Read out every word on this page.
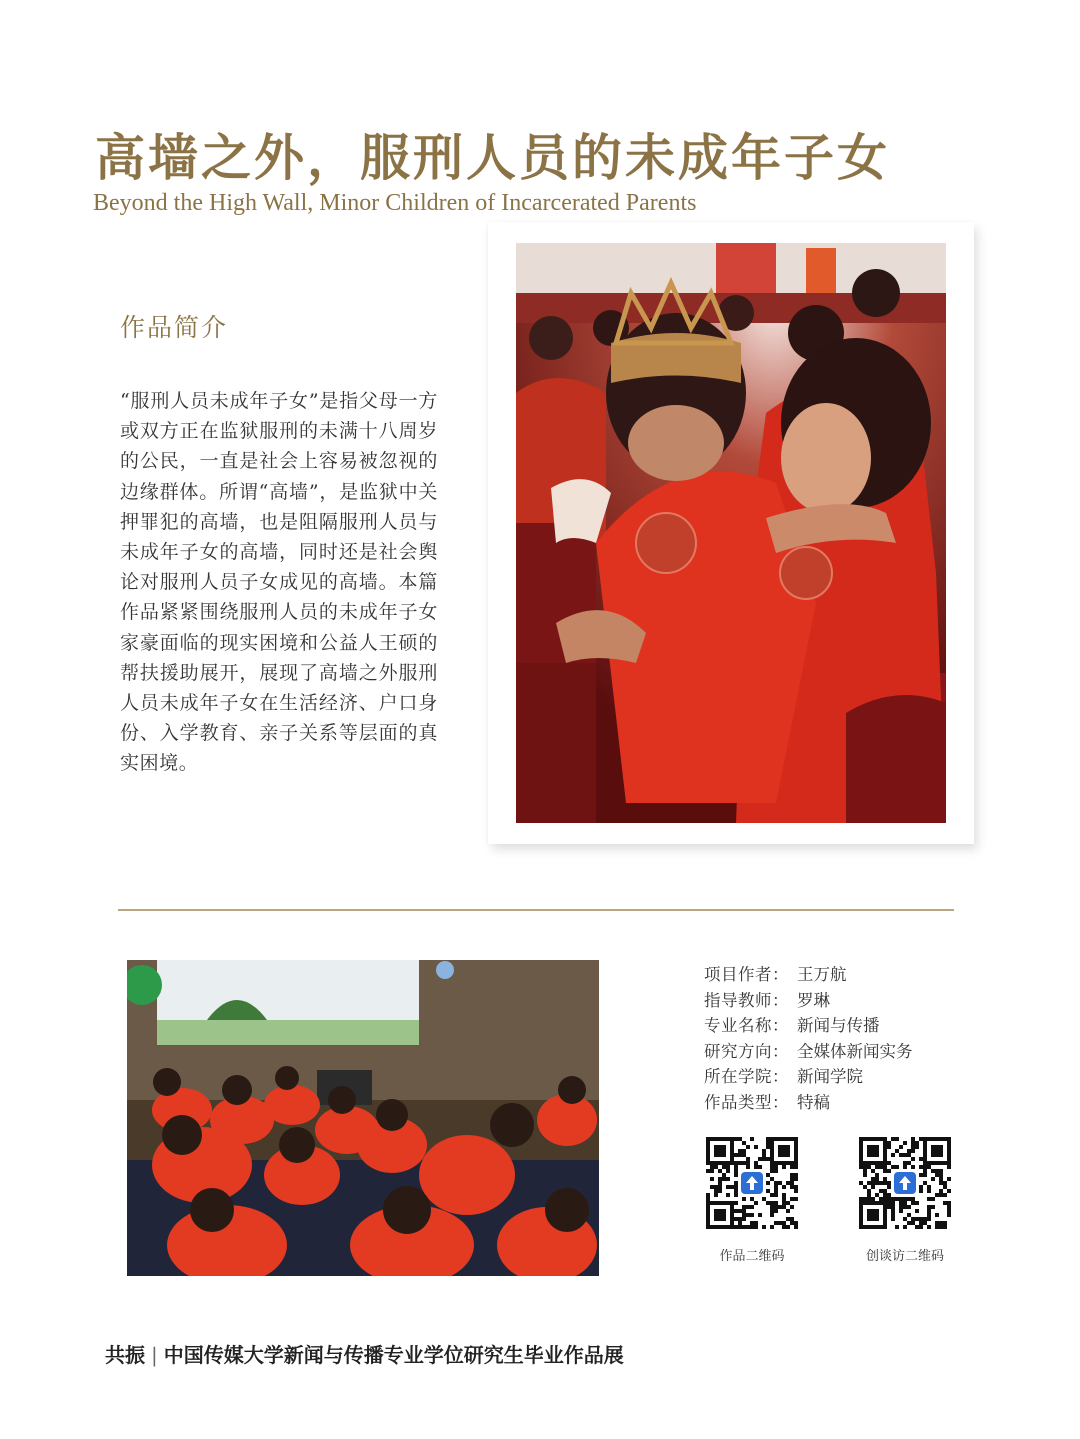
高墙之外，服刑人员的未成年子女
Beyond the High Wall, Minor Children of Incarcerated Parents
作品简介
“服刑人员未成年子女”是指父母一方或双方正在监狱服刑的未满十八周岁的公民，一直是社会上容易被忽视的边缘群体。所谓“高墙”，是监狱中关押罪犯的高墙，也是阻隔服刑人员与未成年子女的高墙，同时还是社会舆论对服刑人员子女成见的高墙。本篇作品紧紧围绕服刑人员的未成年子女家豪面临的现实困境和公益人王硕的帮扶援助展开，展现了高墙之外服刑人员未成年子女在生活经济、户口身份、入学教育、亲子关系等层面的真实困境。
项目作者： 王万航
指导教师： 罗琳
专业名称： 新闻与传播
研究方向： 全媒体新闻实务
所在学院： 新闻学院
作品类型： 特稿
作品二维码	创谈访二维码
共振 | 中国传媒大学新闻与传播专业学位研究生毕业作品展
